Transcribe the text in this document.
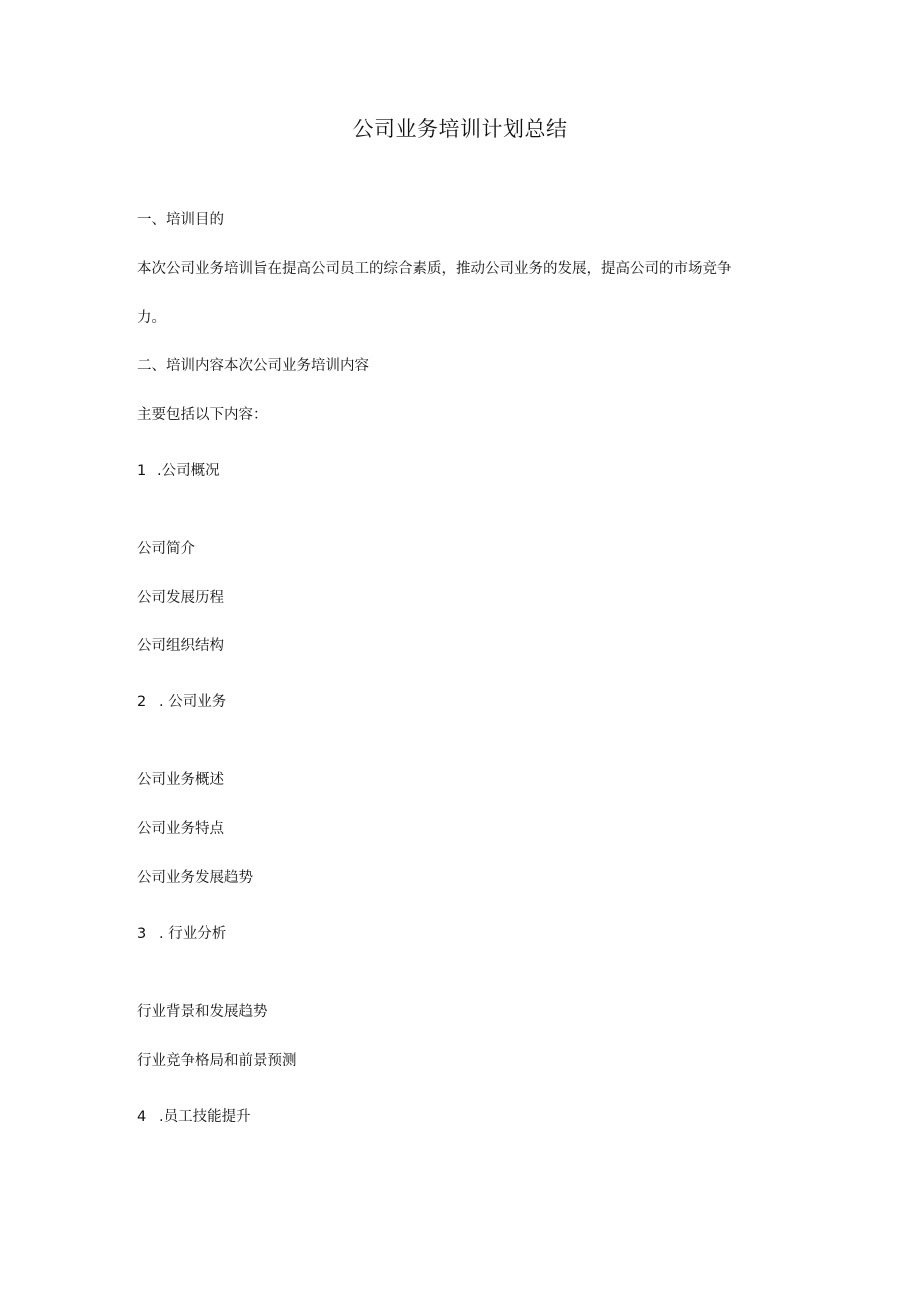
公司业务培训计划总结
一、培训目的
本次公司业务培训旨在提高公司员工的综合素质，推动公司业务的发展，提高公司的市场竞争
力。
二、培训内容本次公司业务培训内容
主要包括以下内容：
1 .公司概况
公司简介
公司发展历程
公司组织结构
2 . 公司业务
公司业务概述
公司业务特点
公司业务发展趋势
3 . 行业分析
行业背景和发展趋势
行业竞争格局和前景预测
4 .员工技能提升
